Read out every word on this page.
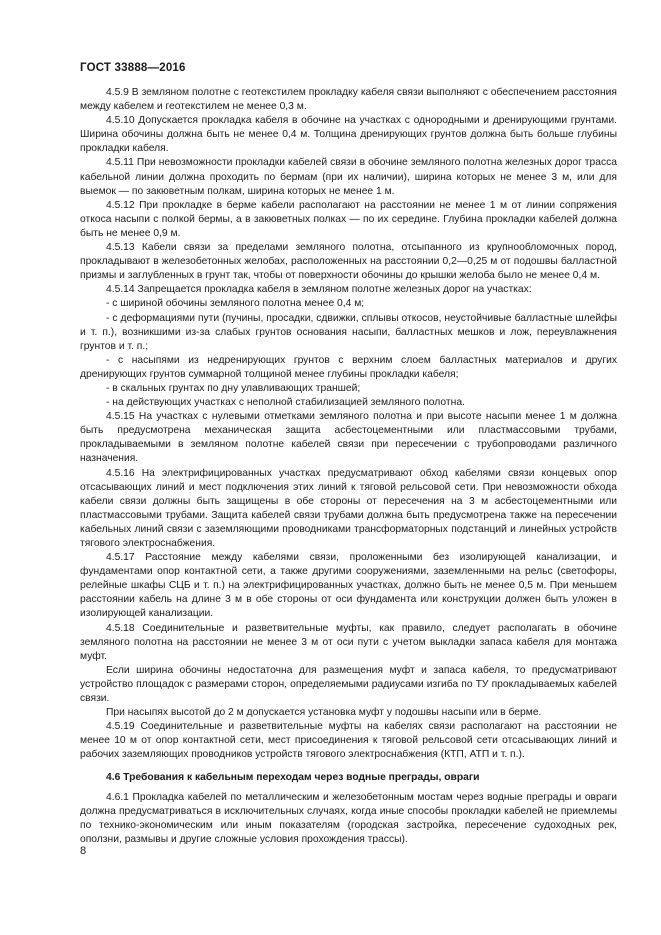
ГОСТ 33888—2016

4.5.9 В земляном полотне с геотекстилем прокладку кабеля связи выполняют с обеспечением расстояния между кабелем и геотекстилем не менее 0,3 м.

4.5.10 Допускается прокладка кабеля в обочине на участках с однородными и дренирующими грунтами. Ширина обочины должна быть не менее 0,4 м. Толщина дренирующих грунтов должна быть больше глубины прокладки кабеля.

4.5.11 При невозможности прокладки кабелей связи в обочине земляного полотна железных дорог трасса кабельной линии должна проходить по бермам (при их наличии), ширина которых не менее 3 м, или для выемок — по закюветным полкам, ширина которых не менее 1 м.

4.5.12 При прокладке в берме кабели располагают на расстоянии не менее 1 м от линии сопряжения откоса насыпи с полкой бермы, а в закюветных полках — по их середине. Глубина прокладки кабелей должна быть не менее 0,9 м.

4.5.13 Кабели связи за пределами земляного полотна, отсыпанного из крупнообломочных пород, прокладывают в железобетонных желобах, расположенных на расстоянии 0,2—0,25 м от подошвы балластной призмы и заглубленных в грунт так, чтобы от поверхности обочины до крышки желоба было не менее 0,4 м.

4.5.14 Запрещается прокладка кабеля в земляном полотне железных дорог на участках:

- с шириной обочины земляного полотна менее 0,4 м;

- с деформациями пути (пучины, просадки, сдвижки, сплывы откосов, неустойчивые балластные шлейфы и т. п.), возникшими из-за слабых грунтов основания насыпи, балластных мешков и лож, переувлажнения грунтов и т. п.;

- с насыпями из недренирующих грунтов с верхним слоем балластных материалов и других дренирующих грунтов суммарной толщиной менее глубины прокладки кабеля;

- в скальных грунтах по дну улавливающих траншей;

- на действующих участках с неполной стабилизацией земляного полотна.

4.5.15 На участках с нулевыми отметками земляного полотна и при высоте насыпи менее 1 м должна быть предусмотрена механическая защита асбестоцементными или пластмассовыми трубами, прокладываемыми в земляном полотне кабелей связи при пересечении с трубопроводами различного назначения.

4.5.16 На электрифицированных участках предусматривают обход кабелями связи концевых опор отсасывающих линий и мест подключения этих линий к тяговой рельсовой сети. При невозможности обхода кабели связи должны быть защищены в обе стороны от пересечения на 3 м асбестоцементными или пластмассовыми трубами. Защита кабелей связи трубами должна быть предусмотрена также на пересечении кабельных линий связи с заземляющими проводниками трансформаторных подстанций и линейных устройств тягового электроснабжения.

4.5.17 Расстояние между кабелями связи, проложенными без изолирующей канализации, и фундаментами опор контактной сети, а также другими сооружениями, заземленными на рельс (светофоры, релейные шкафы СЦБ и т. п.) на электрифицированных участках, должно быть не менее 0,5 м. При меньшем расстоянии кабель на длине 3 м в обе стороны от оси фундамента или конструкции должен быть уложен в изолирующей канализации.

4.5.18 Соединительные и разветвительные муфты, как правило, следует располагать в обочине земляного полотна на расстоянии не менее 3 м от оси пути с учетом выкладки запаса кабеля для монтажа муфт.

Если ширина обочины недостаточна для размещения муфт и запаса кабеля, то предусматривают устройство площадок с размерами сторон, определяемыми радиусами изгиба по ТУ прокладываемых кабелей связи.

При насыпях высотой до 2 м допускается установка муфт у подошвы насыпи или в берме.

4.5.19 Соединительные и разветвительные муфты на кабелях связи располагают на расстоянии не менее 10 м от опор контактной сети, мест присоединения к тяговой рельсовой сети отсасывающих линий и рабочих заземляющих проводников устройств тягового электроснабжения (КТП, АТП и т. п.).

4.6 Требования к кабельным переходам через водные преграды, овраги

4.6.1 Прокладка кабелей по металлическим и железобетонным мостам через водные преграды и овраги должна предусматриваться в исключительных случаях, когда иные способы прокладки кабелей не приемлемы по технико-экономическим или иным показателям (городская застройка, пересечение судоходных рек, оползни, размывы и другие сложные условия прохождения трассы).

8
